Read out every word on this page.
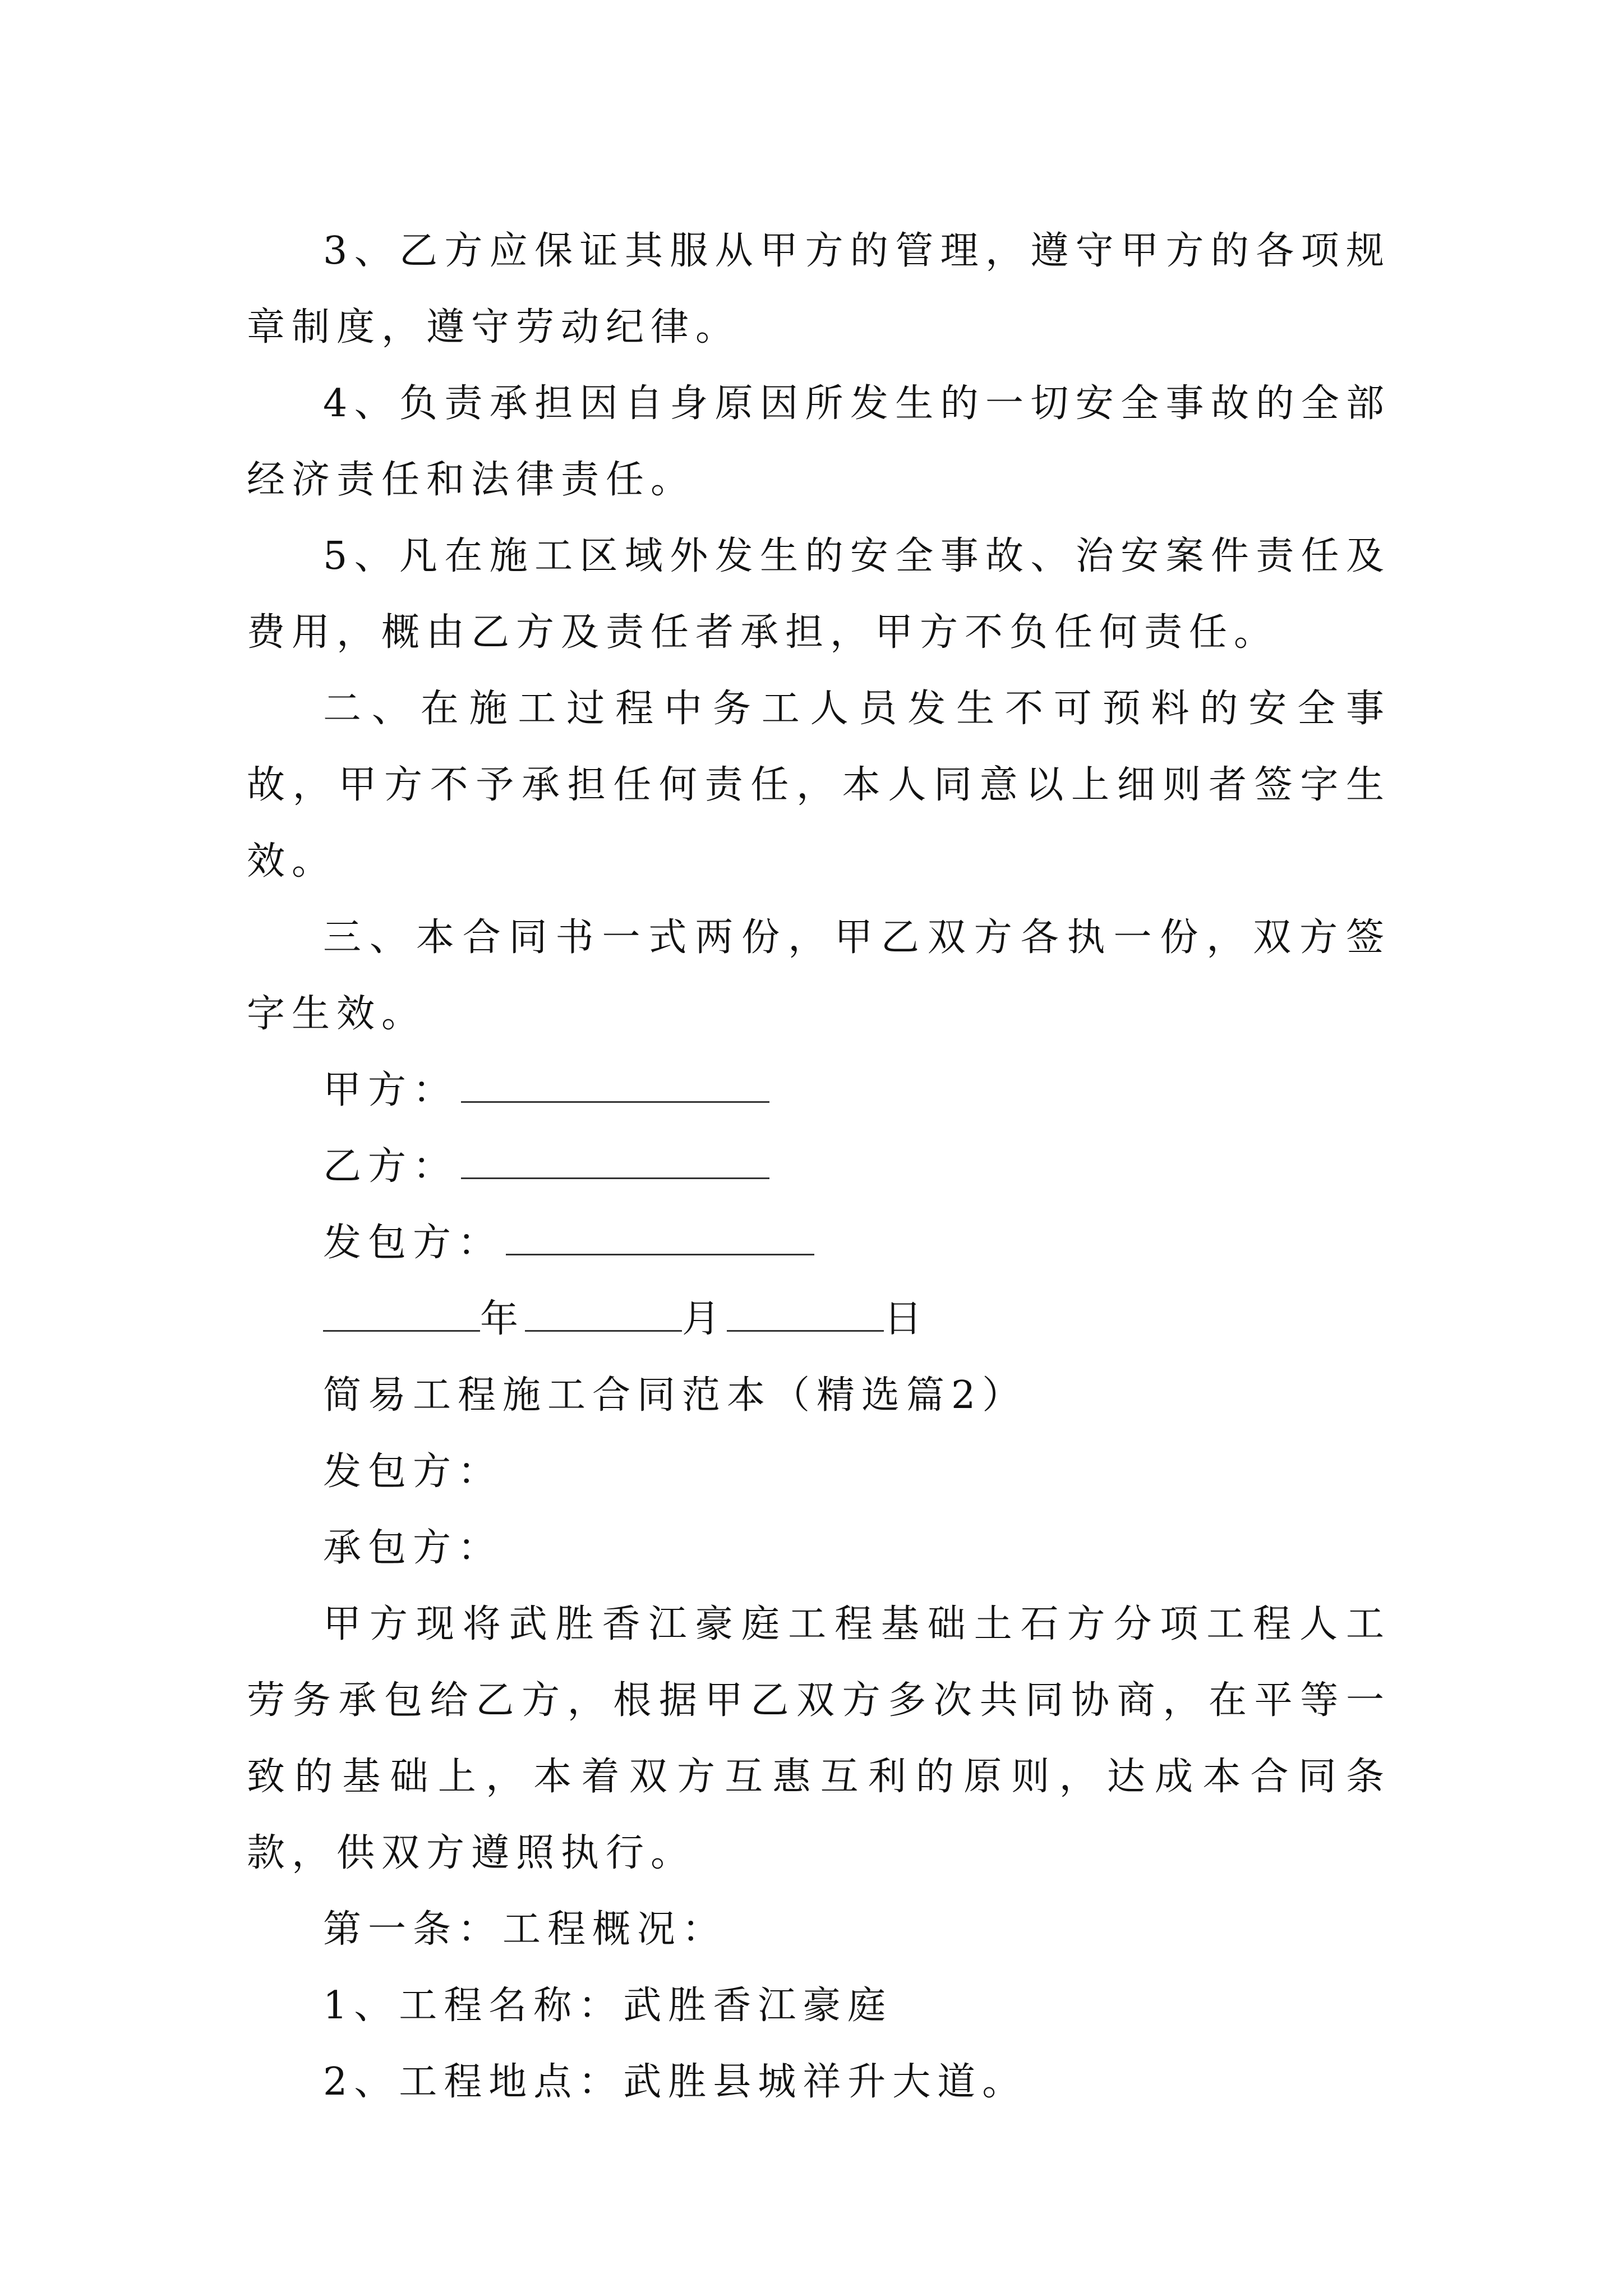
3、乙方应保证其服从甲方的管理，遵守甲方的各项规章制度，遵守劳动纪律。

4、负责承担因自身原因所发生的一切安全事故的全部经济责任和法律责任。

5、凡在施工区域外发生的安全事故、治安案件责任及费用，概由乙方及责任者承担，甲方不负任何责任。

二、在施工过程中务工人员发生不可预料的安全事故，甲方不予承担任何责任，本人同意以上细则者签字生效。

三、本合同书一式两份，甲乙双方各执一份，双方签字生效。

甲方：

乙方：

发包方：

年	月	日

简易工程施工合同范本（精选篇2）

发包方：

承包方：

甲方现将武胜香江豪庭工程基础土石方分项工程人工劳务承包给乙方，根据甲乙双方多次共同协商，在平等一致的基础上，本着双方互惠互利的原则，达成本合同条款，供双方遵照执行。

第一条：工程概况：

1、工程名称：武胜香江豪庭

2、工程地点：武胜县城祥升大道。
